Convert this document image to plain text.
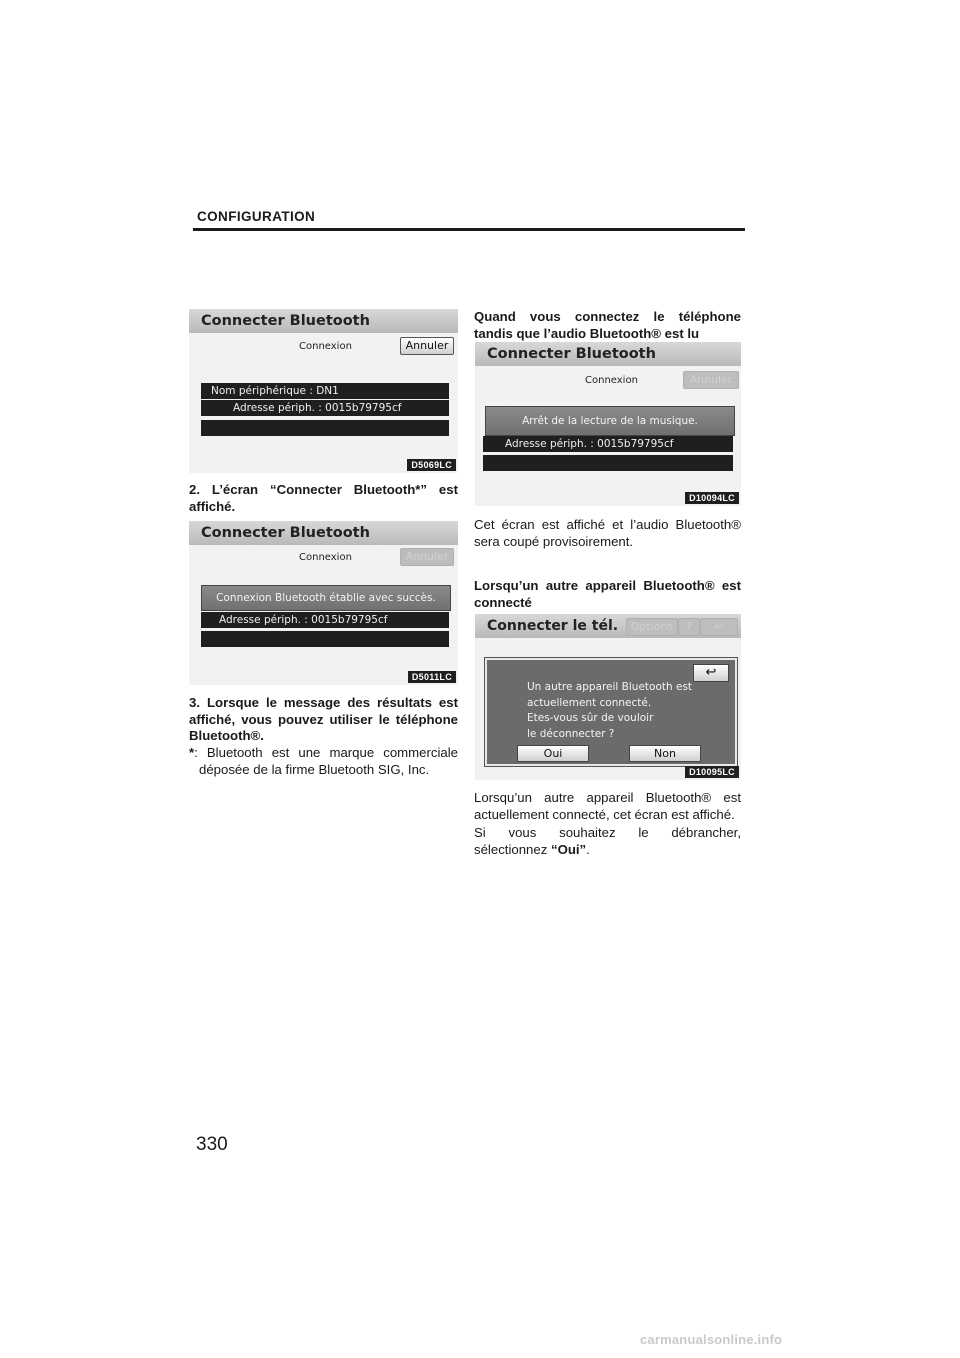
CONFIGURATION
Connecter Bluetooth
Connexion	Annuler
Nom périphérique : DN1
Adresse périph. : 0015b79795cf
D5069LC
2. L’écran “Connecter Bluetooth*” est affiché.
Connecter Bluetooth
Connexion	Annuler
Connexion Bluetooth établie avec succès.
Adresse périph. : 0015b79795cf
D5011LC
3. Lorsque le message des résultats est affiché, vous pouvez utiliser le téléphone Bluetooth®.
*: Bluetooth est une marque commerciale déposée de la firme Bluetooth SIG, Inc.
Quand vous connectez le téléphone tandis que l’audio Bluetooth® est lu
Connecter Bluetooth
Connexion	Annuler
Arrêt de la lecture de la musique.
Adresse périph. : 0015b79795cf
D10094LC
Cet écran est affiché et l’audio Bluetooth® sera coupé provisoirement.
Lorsqu’un autre appareil Bluetooth® est connecté
Connecter le tél.	Options	?	↩
↩
Un autre appareil Bluetooth est
actuellement connecté.
Etes-vous sûr de vouloir
le déconnecter ?
Oui	Non
D10095LC
Lorsqu’un autre appareil Bluetooth® est actuellement connecté, cet écran est affiché.
Si vous souhaitez le débrancher, sélectionnez “Oui”.
330
carmanualsonline.info
